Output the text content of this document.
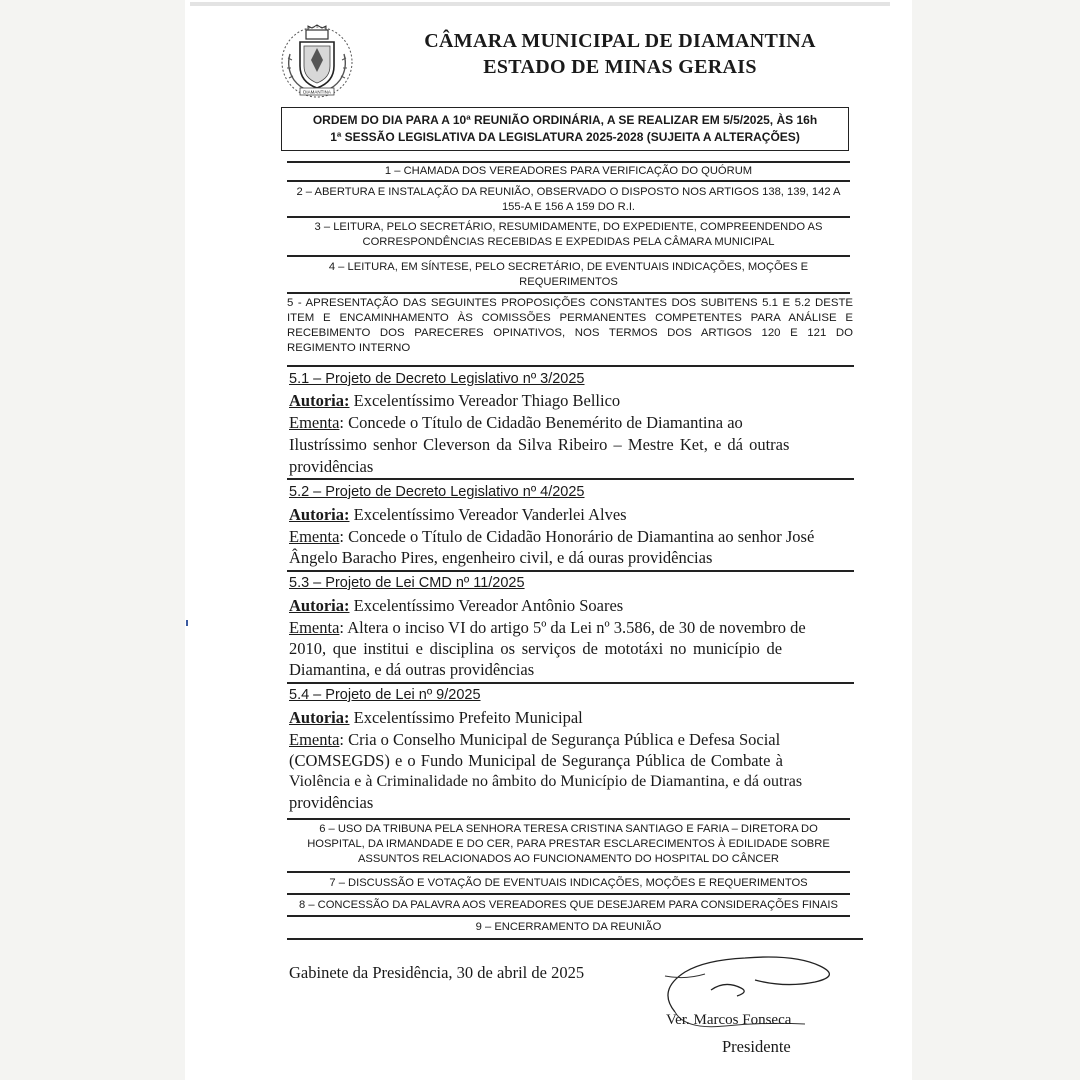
DIAMANTINA
CÂMARA MUNICIPAL DE DIAMANTINA
ESTADO DE MINAS GERAIS
ORDEM DO DIA PARA A 10ª REUNIÃO ORDINÁRIA, A SE REALIZAR EM 5/5/2025, ÀS 16h
1ª SESSÃO LEGISLATIVA DA LEGISLATURA 2025-2028 (SUJEITA A ALTERAÇÕES)
1 – CHAMADA DOS VEREADORES PARA VERIFICAÇÃO DO QUÓRUM
2 – ABERTURA E INSTALAÇÃO DA REUNIÃO, OBSERVADO O DISPOSTO NOS ARTIGOS 138, 139, 142 A
155-A E 156 A 159 DO R.I.
3 – LEITURA, PELO SECRETÁRIO, RESUMIDAMENTE, DO EXPEDIENTE, COMPREENDENDO AS
CORRESPONDÊNCIAS RECEBIDAS E EXPEDIDAS PELA CÂMARA MUNICIPAL
4 – LEITURA, EM SÍNTESE, PELO SECRETÁRIO, DE EVENTUAIS INDICAÇÕES, MOÇÕES E
REQUERIMENTOS
5 - APRESENTAÇÃO DAS SEGUINTES PROPOSIÇÕES CONSTANTES DOS SUBITENS 5.1 E 5.2 DESTE ITEM E ENCAMINHAMENTO ÀS COMISSÕES PERMANENTES COMPETENTES PARA ANÁLISE E RECEBIMENTO DOS PARECERES OPINATIVOS, NOS TERMOS DOS ARTIGOS 120 E 121 DO REGIMENTO INTERNO
5.1 – Projeto de Decreto Legislativo nº 3/2025
Autoria: Excelentíssimo Vereador Thiago Bellico
Ementa: Concede o Título de Cidadão Benemérito de Diamantina ao
Ilustríssimo senhor Cleverson da Silva Ribeiro – Mestre Ket, e dá outras
providências
5.2 – Projeto de Decreto Legislativo nº 4/2025
Autoria: Excelentíssimo Vereador Vanderlei Alves
Ementa: Concede o Título de Cidadão Honorário de Diamantina ao senhor José
Ângelo Baracho Pires, engenheiro civil, e dá ouras providências
5.3 – Projeto de Lei CMD nº 11/2025
Autoria: Excelentíssimo Vereador Antônio Soares
Ementa: Altera o inciso VI do artigo 5º da Lei nº 3.586, de 30 de novembro de
2010, que institui e disciplina os serviços de mototáxi no município de
Diamantina, e dá outras providências
5.4 – Projeto de Lei nº 9/2025
Autoria: Excelentíssimo Prefeito Municipal
Ementa: Cria o Conselho Municipal de Segurança Pública e Defesa Social
(COMSEGDS) e o Fundo Municipal de Segurança Pública de Combate à
Violência e à Criminalidade no âmbito do Município de Diamantina, e dá outras
providências
6 – USO DA TRIBUNA PELA SENHORA TERESA CRISTINA SANTIAGO E FARIA – DIRETORA DO
HOSPITAL, DA IRMANDADE E DO CER, PARA PRESTAR ESCLARECIMENTOS À EDILIDADE SOBRE
ASSUNTOS RELACIONADOS AO FUNCIONAMENTO DO HOSPITAL DO CÂNCER
7 – DISCUSSÃO E VOTAÇÃO DE EVENTUAIS INDICAÇÕES, MOÇÕES E REQUERIMENTOS
8 – CONCESSÃO DA PALAVRA AOS VEREADORES QUE DESEJAREM PARA CONSIDERAÇÕES FINAIS
9 – ENCERRAMENTO DA REUNIÃO
Gabinete da Presidência, 30 de abril de 2025
Ver. Marcos Fonseca
Presidente
